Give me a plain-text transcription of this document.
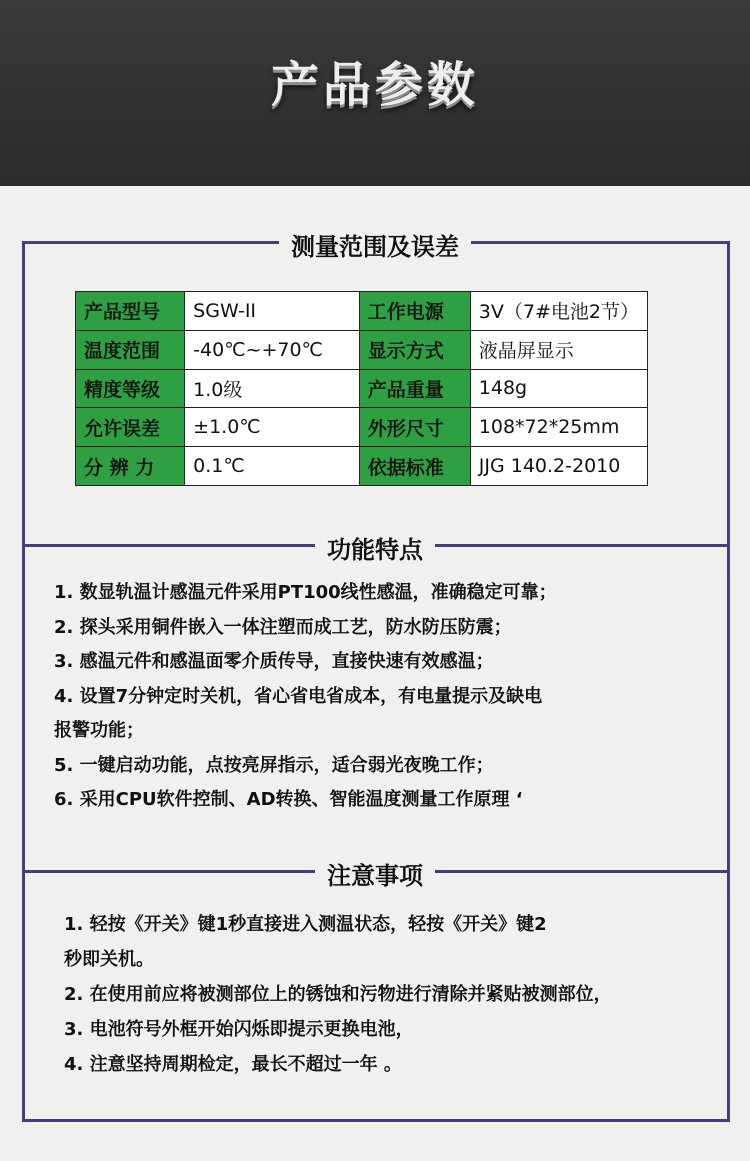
产品参数
测量范围及误差
产品型号	SGW-II	工作电源	3V（7#电池2节）
温度范围	-40℃~+70℃	显示方式	液晶屏显示
精度等级	1.0级	产品重量	148g
允许误差	±1.0℃	外形尺寸	108*72*25mm
分 辨 力	0.1℃	依据标准	JJG 140.2-2010
功能特点
1. 数显轨温计感温元件采用PT100线性感温，准确稳定可靠；
2. 探头采用铜件嵌入一体注塑而成工艺，防水防压防震；
3. 感温元件和感温面零介质传导，直接快速有效感温；
4. 设置7分钟定时关机，省心省电省成本，有电量提示及缺电
报警功能；
5. 一键启动功能，点按亮屏指示，适合弱光夜晚工作；
6. 采用CPU软件控制、AD转换、智能温度测量工作原理 ‘
注意事项
1. 轻按《开关》键1秒直接进入测温状态，轻按《开关》键2
秒即关机。
2. 在使用前应将被测部位上的锈蚀和污物进行清除并紧贴被测部位，
3. 电池符号外框开始闪烁即提示更换电池，
4. 注意坚持周期检定，最长不超过一年 。
